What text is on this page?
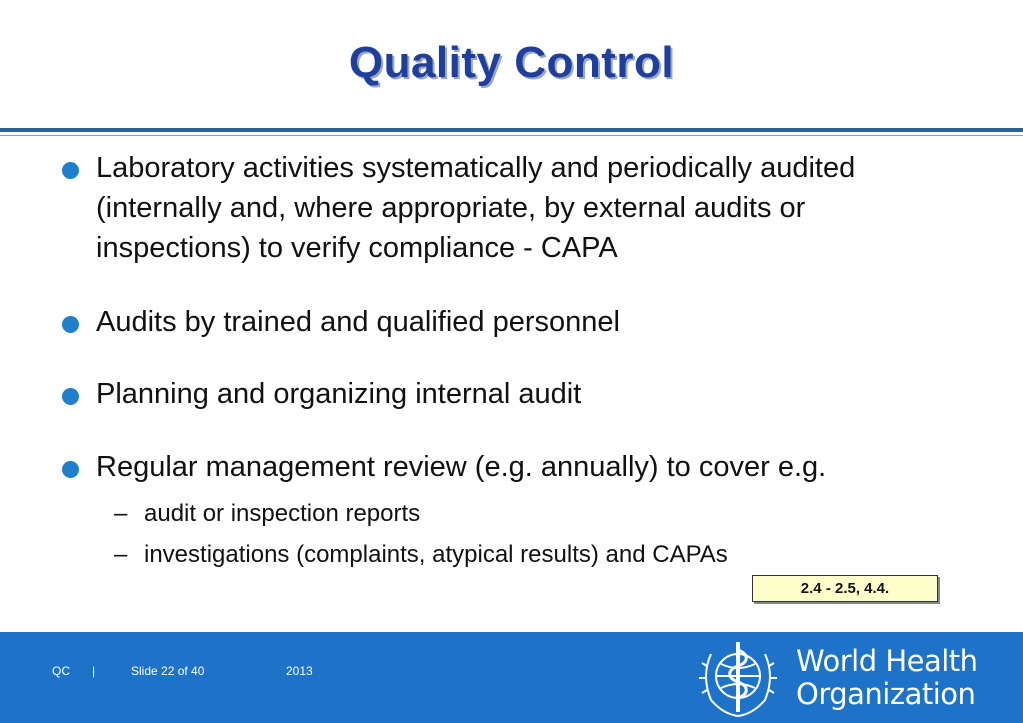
Quality Control
Laboratory activities systematically and periodically audited (internally and, where appropriate, by external audits or inspections) to verify compliance - CAPA
Audits by trained and qualified personnel
Planning and organizing internal audit
Regular management review (e.g. annually) to cover e.g.
– audit or inspection reports
– investigations (complaints, atypical results) and CAPAs
2.4 - 2.5, 4.4.
QC |	Slide 22 of 40	2013	World Health
Organization
